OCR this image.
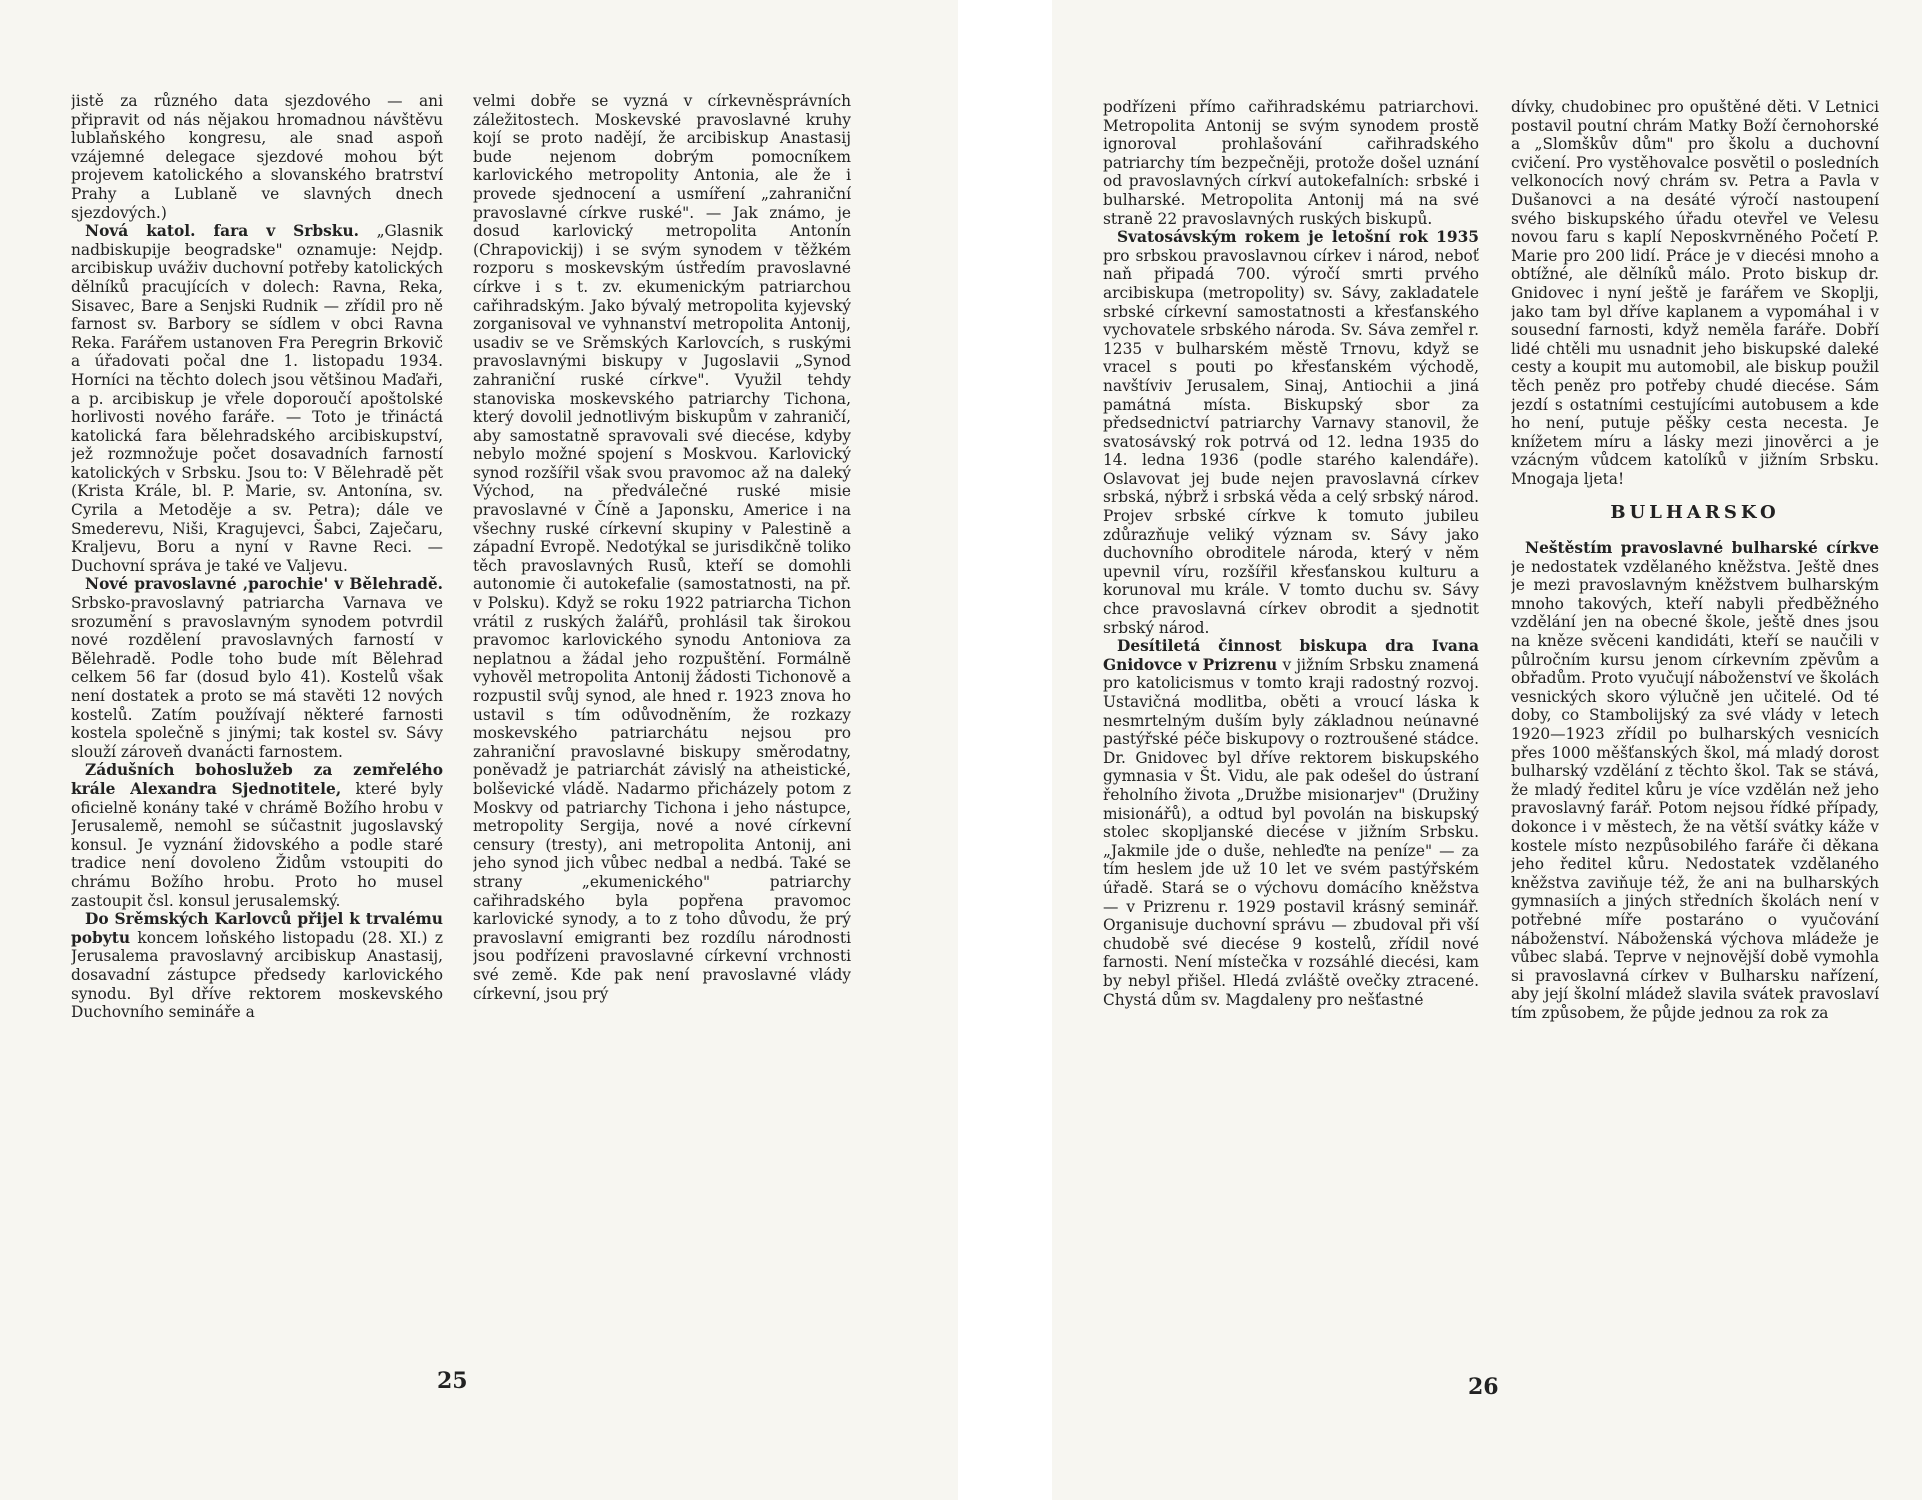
jistě za různého data sjezdového — ani připravit od nás nějakou hromadnou návštěvu lublaňského kongresu, ale snad aspoň vzájemné delegace sjezdové mohou být projevem katolického a slovanského bratrství Prahy a Lublaně ve slavných dnech sjezdových.)

Nová katol. fara v Srbsku. „Glasnik nadbiskupije beogradske" oznamuje: Nejdp. arcibiskup uváživ duchovní potřeby katolických dělníků pracujících v dolech: Ravna, Reka, Sisavec, Bare a Senjski Rudnik — zřídil pro ně farnost sv. Barbory se sídlem v obci Ravna Reka. Farářem ustanoven Fra Peregrin Brkovič a úřadovati počal dne 1. listopadu 1934. Horníci na těchto dolech jsou většinou Maďaři, a p. arcibiskup je vřele doporoučí apoštolské horlivosti nového faráře. — Toto je třináctá katolická fara bělehradského arcibiskupství, jež rozmnožuje počet dosavadních farností katolických v Srbsku. Jsou to: V Bělehradě pět (Krista Krále, bl. P. Marie, sv. Antonína, sv. Cyrila a Metoděje a sv. Petra); dále ve Smederevu, Niši, Kragujevci, Šabci, Zaječaru, Kraljevu, Boru a nyní v Ravne Reci. — Duchovní správa je také ve Valjevu.

Nové pravoslavné ‚parochie' v Bělehradě. Srbsko-pravoslavný patriarcha Varnava ve srozumění s pravoslavným synodem potvrdil nové rozdělení pravoslavných farností v Bělehradě. Podle toho bude mít Bělehrad celkem 56 far (dosud bylo 41). Kostelů však není dostatek a proto se má stavěti 12 nových kostelů. Zatím používají některé farnosti kostela společně s jinými; tak kostel sv. Sávy slouží zároveň dvanácti farnostem.

Zádušních bohoslužeb za zemřelého krále Alexandra Sjednotitele, které byly oficielně konány také v chrámě Božího hrobu v Jerusalemě, nemohl se súčastnit jugoslavský konsul. Je vyznání židovského a podle staré tradice není dovoleno Židům vstoupiti do chrámu Božího hrobu. Proto ho musel zastoupit čsl. konsul jerusalemský.

Do Srěmských Karlovců přijel k trvalému pobytu koncem loňského listopadu (28. XI.) z Jerusalema pravoslavný arcibiskup Anastasij, dosavadní zástupce předsedy karlovického synodu. Byl dříve rektorem moskevského Duchovního semináře a

velmi dobře se vyzná v církevněsprávních záležitostech. Moskevské pravoslavné kruhy kojí se proto nadějí, že arcibiskup Anastasij bude nejenom dobrým pomocníkem karlovického metropolity Antonia, ale že i provede sjednocení a usmíření „zahraniční pravoslavné církve ruské". — Jak známo, je dosud karlovický metropolita Antonín (Chrapovickij) i se svým synodem v těžkém rozporu s moskevským ústředím pravoslavné církve i s t. zv. ekumenickým patriarchou cařihradským. Jako bývalý metropolita kyjevský zorganisoval ve vyhnanství metropolita Antonij, usadiv se ve Srěmských Karlovcích, s ruskými pravoslavnými biskupy v Jugoslavii „Synod zahraniční ruské církve". Využil tehdy stanoviska moskevského patriarchy Tichona, který dovolil jednotlivým biskupům v zahraničí, aby samostatně spravovali své diecése, kdyby nebylo možné spojení s Moskvou. Karlovický synod rozšířil však svou pravomoc až na daleký Východ, na předválečné ruské misie pravoslavné v Číně a Japonsku, Americe i na všechny ruské církevní skupiny v Palestině a západní Evropě. Nedotýkal se jurisdikčně toliko těch pravoslavných Rusů, kteří se domohli autonomie či autokefalie (samostatnosti, na př. v Polsku). Když se roku 1922 patriarcha Tichon vrátil z ruských žalářů, prohlásil tak širokou pravomoc karlovického synodu Antoniova za neplatnou a žádal jeho rozpuštění. Formálně vyhověl metropolita Antonij žádosti Tichonově a rozpustil svůj synod, ale hned r. 1923 znova ho ustavil s tím odůvodněním, že rozkazy moskevského patriarchátu nejsou pro zahraniční pravoslavné biskupy směrodatny, poněvadž je patriarchát závislý na atheistické, bolševické vládě. Nadarmo přicházely potom z Moskvy od patriarchy Tichona i jeho nástupce, metropolity Sergija, nové a nové církevní censury (tresty), ani metropolita Antonij, ani jeho synod jich vůbec nedbal a nedbá. Také se strany „ekumenického" patriarchy cařihradského byla popřena pravomoc karlovické synody, a to z toho důvodu, že prý pravoslavní emigranti bez rozdílu národnosti jsou podřízeni pravoslavné církevní vrchnosti své země. Kde pak není pravoslavné vlády církevní, jsou prý

25

podřízeni přímo cařihradskému patriarchovi. Metropolita Antonij se svým synodem prostě ignoroval prohlašování cařihradského patriarchy tím bezpečněji, protože došel uznání od pravoslavných církví autokefalních: srbské i bulharské. Metropolita Antonij má na své straně 22 pravoslavných ruských biskupů.

Svatosávským rokem je letošní rok 1935 pro srbskou pravoslavnou církev i národ, neboť naň připadá 700. výročí smrti prvého arcibiskupa (metropolity) sv. Sávy, zakladatele srbské církevní samostatnosti a křesťanského vychovatele srbského národa. Sv. Sáva zemřel r. 1235 v bulharském městě Trnovu, když se vracel s pouti po křesťanském východě, navštíviv Jerusalem, Sinaj, Antiochii a jiná památná místa. Biskupský sbor za předsednictví patriarchy Varnavy stanovil, že svatosávský rok potrvá od 12. ledna 1935 do 14. ledna 1936 (podle starého kalendáře). Oslavovat jej bude nejen pravoslavná církev srbská, nýbrž i srbská věda a celý srbský národ. Projev srbské církve k tomuto jubileu zdůrazňuje veliký význam sv. Sávy jako duchovního obroditele národa, který v něm upevnil víru, rozšířil křesťanskou kulturu a korunoval mu krále. V tomto duchu sv. Sávy chce pravoslavná církev obrodit a sjednotit srbský národ.

Desítiletá činnost biskupa dra Ivana Gnidovce v Prizrenu v jižním Srbsku znamená pro katolicismus v tomto kraji radostný rozvoj. Ustavičná modlitba, oběti a vroucí láska k nesmrtelným duším byly základnou neúnavné pastýřské péče biskupovy o roztroušené stádce. Dr. Gnidovec byl dříve rektorem biskupského gymnasia v Št. Vidu, ale pak odešel do ústraní řeholního života „Družbe misionarjev" (Družiny misionářů), a odtud byl povolán na biskupský stolec skopljanské diecése v jižním Srbsku. „Jakmile jde o duše, nehleďte na peníze" — za tím heslem jde už 10 let ve svém pastýřském úřadě. Stará se o výchovu domácího kněžstva — v Prizrenu r. 1929 postavil krásný seminář. Organisuje duchovní správu — zbudoval při vší chudobě své diecése 9 kostelů, zřídil nové farnosti. Není místečka v rozsáhlé diecési, kam by nebyl přišel. Hledá zvláště ovečky ztracené. Chystá dům sv. Magdaleny pro nešťastné

dívky, chudobinec pro opuštěné děti. V Letnici postavil poutní chrám Matky Boží černohorské a „Slomškův dům" pro školu a duchovní cvičení. Pro vystěhovalce posvětil o posledních velkonocích nový chrám sv. Petra a Pavla v Dušanovci a na desáté výročí nastoupení svého biskupského úřadu otevřel ve Velesu novou faru s kaplí Neposkvrněného Početí P. Marie pro 200 lidí. Práce je v diecési mnoho a obtížné, ale dělníků málo. Proto biskup dr. Gnidovec i nyní ještě je farářem ve Skoplji, jako tam byl dříve kaplanem a vypomáhal i v sousední farnosti, když neměla faráře. Dobří lidé chtěli mu usnadnit jeho biskupské daleké cesty a koupit mu automobil, ale biskup použil těch peněz pro potřeby chudé diecése. Sám jezdí s ostatními cestujícími autobusem a kde ho není, putuje pěšky cesta necesta. Je knížetem míru a lásky mezi jinověrci a je vzácným vůdcem katolíků v jižním Srbsku. Mnogaja ljeta!

BULHARSKO

Neštěstím pravoslavné bulharské církve je nedostatek vzdělaného kněžstva. Ještě dnes je mezi pravoslavným kněžstvem bulharským mnoho takových, kteří nabyli předběžného vzdělání jen na obecné škole, ještě dnes jsou na kněze svěceni kandidáti, kteří se naučili v půlročním kursu jenom církevním zpěvům a obřadům. Proto vyučují náboženství ve školách vesnických skoro výlučně jen učitelé. Od té doby, co Stambolijský za své vlády v letech 1920—1923 zřídil po bulharských vesnicích přes 1000 měšťanských škol, má mladý dorost bulharský vzdělání z těchto škol. Tak se stává, že mladý ředitel kůru je více vzdělán než jeho pravoslavný farář. Potom nejsou řídké případy, dokonce i v městech, že na větší svátky káže v kostele místo nezpůsobilého faráře či děkana jeho ředitel kůru. Nedostatek vzdělaného kněžstva zaviňuje též, že ani na bulharských gymnasiích a jiných středních školách není v potřebné míře postaráno o vyučování náboženství. Náboženská výchova mládeže je vůbec slabá. Teprve v nejnovější době vymohla si pravoslavná církev v Bulharsku nařízení, aby její školní mládež slavila svátek pravoslaví tím způsobem, že půjde jednou za rok za

26
